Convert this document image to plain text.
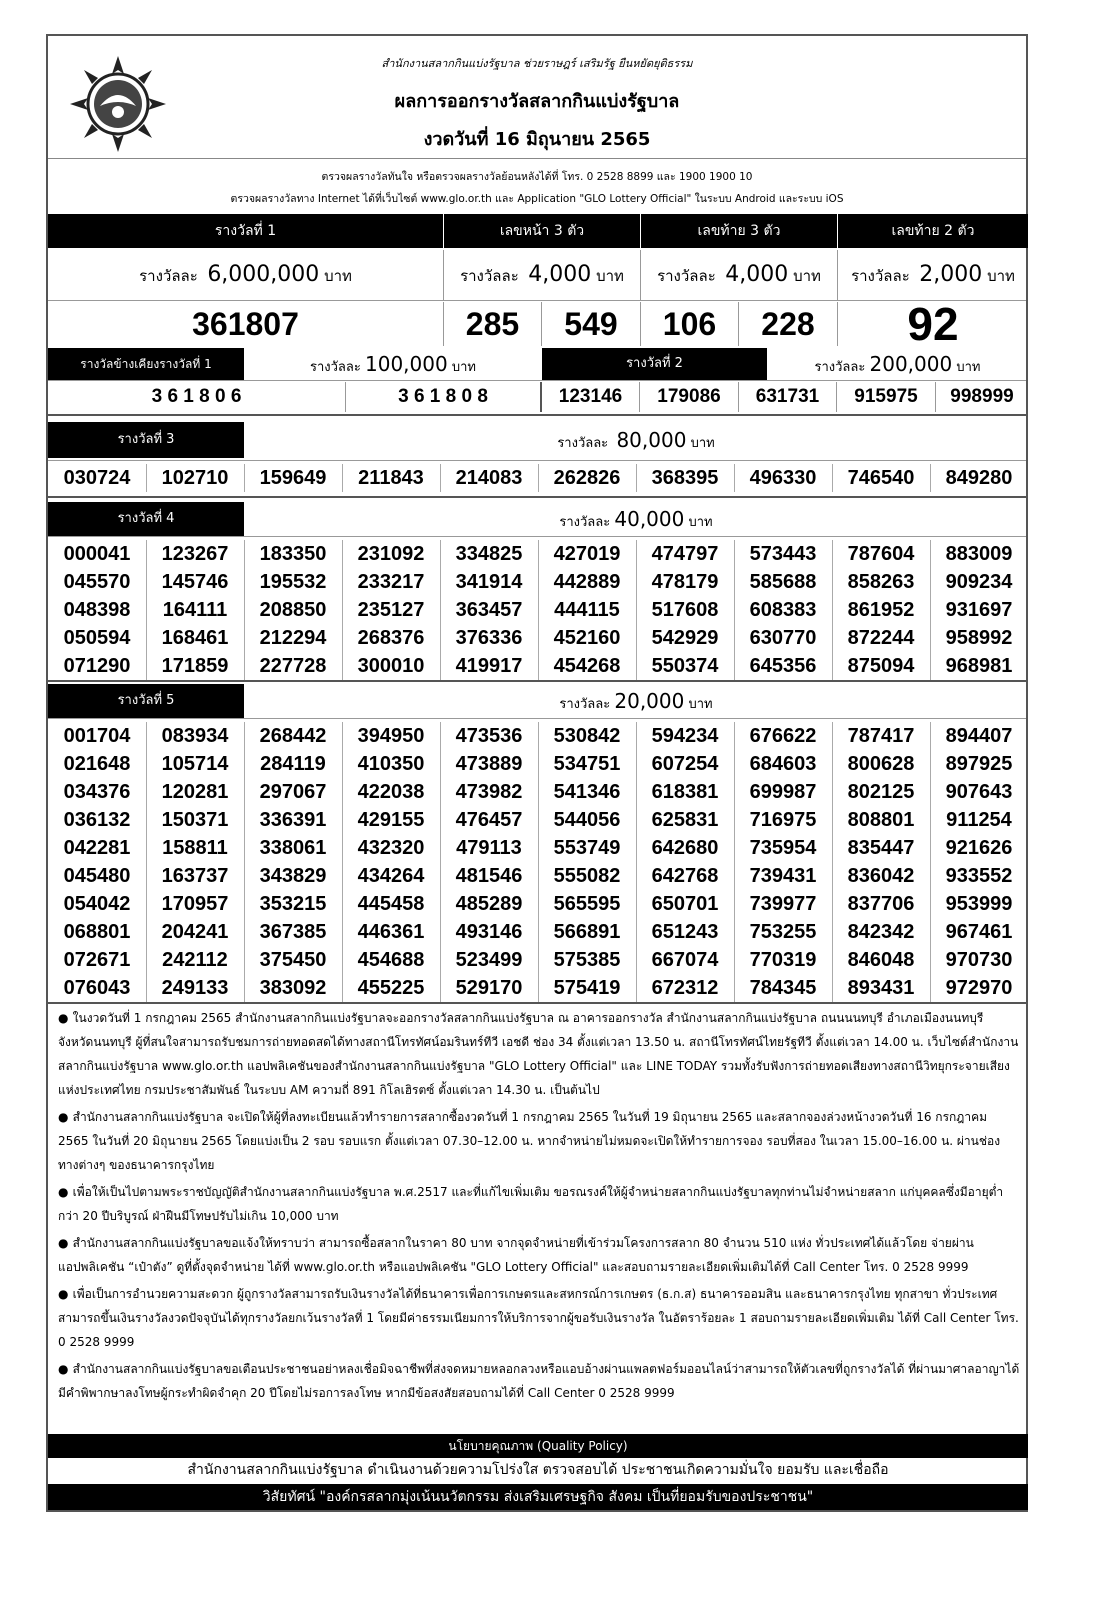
สำนักงานสลากกินแบ่งรัฐบาล ช่วยราษฎร์ เสริมรัฐ ยืนหยัดยุติธรรม
ผลการออกรางวัลสลากกินแบ่งรัฐบาล
งวดวันที่ 16 มิถุนายน 2565
ตรวจผลรางวัลทันใจ หรือตรวจผลรางวัลย้อนหลังได้ที่ โทร. 0 2528 8899 และ 1900 1900 10
ตรวจผลรางวัลทาง Internet ได้ที่เว็บไซต์ www.glo.or.th และ Application "GLO Lottery Official" ในระบบ Android และระบบ iOS
รางวัลที่ 1	เลขหน้า 3 ตัว	เลขท้าย 3 ตัว	เลขท้าย 2 ตัว
รางวัลละ 6,000,000 บาท	รางวัลละ 4,000 บาท	รางวัลละ 4,000 บาท	รางวัลละ 2,000 บาท
361807	285	549	106	228	92
รางวัลข้างเคียงรางวัลที่ 1	รางวัลละ 100,000 บาท	รางวัลที่ 2	รางวัลละ 200,000 บาท
3 6 1 8 0 6	3 6 1 8 0 8	123146	179086	631731	915975	998999
รางวัลที่ 3	รางวัลละ 80,000 บาท
030724	102710	159649	211843	214083	262826	368395	496330	746540	849280
รางวัลที่ 4	รางวัลละ 40,000 บาท
000041	123267	183350	231092	334825	427019	474797	573443	787604	883009
045570	145746	195532	233217	341914	442889	478179	585688	858263	909234
048398	164111	208850	235127	363457	444115	517608	608383	861952	931697
050594	168461	212294	268376	376336	452160	542929	630770	872244	958992
071290	171859	227728	300010	419917	454268	550374	645356	875094	968981
รางวัลที่ 5	รางวัลละ 20,000 บาท
001704	083934	268442	394950	473536	530842	594234	676622	787417	894407
021648	105714	284119	410350	473889	534751	607254	684603	800628	897925
034376	120281	297067	422038	473982	541346	618381	699987	802125	907643
036132	150371	336391	429155	476457	544056	625831	716975	808801	911254
042281	158811	338061	432320	479113	553749	642680	735954	835447	921626
045480	163737	343829	434264	481546	555082	642768	739431	836042	933552
054042	170957	353215	445458	485289	565595	650701	739977	837706	953999
068801	204241	367385	446361	493146	566891	651243	753255	842342	967461
072671	242112	375450	454688	523499	575385	667074	770319	846048	970730
076043	249133	383092	455225	529170	575419	672312	784345	893431	972970
● ในงวดวันที่ 1 กรกฎาคม 2565 สำนักงานสลากกินแบ่งรัฐบาลจะออกรางวัลสลากกินแบ่งรัฐบาล ณ อาคารออกรางวัล สำนักงานสลากกินแบ่งรัฐบาล ถนนนนทบุรี อำเภอเมืองนนทบุรี จังหวัดนนทบุรี ผู้ที่สนใจสามารถรับชมการถ่ายทอดสดได้ทางสถานีโทรทัศน์อมรินทร์ทีวี เอชดี ช่อง 34 ตั้งแต่เวลา 13.50 น. สถานีโทรทัศน์ไทยรัฐทีวี ตั้งแต่เวลา 14.00 น. เว็บไซต์สำนักงานสลากกินแบ่งรัฐบาล www.glo.or.th แอปพลิเคชันของสำนักงานสลากกินแบ่งรัฐบาล "GLO Lottery Official" และ LINE TODAY รวมทั้งรับฟังการถ่ายทอดเสียงทางสถานีวิทยุกระจายเสียงแห่งประเทศไทย กรมประชาสัมพันธ์ ในระบบ AM ความถี่ 891 กิโลเฮิรตซ์ ตั้งแต่เวลา 14.30 น. เป็นต้นไป
● สำนักงานสลากกินแบ่งรัฐบาล จะเปิดให้ผู้ที่ลงทะเบียนแล้วทำรายการสลากซื้องวดวันที่ 1 กรกฎาคม 2565 ในวันที่ 19 มิถุนายน 2565 และสลากจองล่วงหน้างวดวันที่ 16 กรกฎาคม 2565 ในวันที่ 20 มิถุนายน 2565 โดยแบ่งเป็น 2 รอบ รอบแรก ตั้งแต่เวลา 07.30–12.00 น. หากจำหน่ายไม่หมดจะเปิดให้ทำรายการจอง รอบที่สอง ในเวลา 15.00–16.00 น. ผ่านช่องทางต่างๆ ของธนาคารกรุงไทย
● เพื่อให้เป็นไปตามพระราชบัญญัติสำนักงานสลากกินแบ่งรัฐบาล พ.ศ.2517 และที่แก้ไขเพิ่มเติม ขอรณรงค์ให้ผู้จำหน่ายสลากกินแบ่งรัฐบาลทุกท่านไม่จำหน่ายสลาก แก่บุคคลซึ่งมีอายุต่ำกว่า 20 ปีบริบูรณ์ ฝ่าฝืนมีโทษปรับไม่เกิน 10,000 บาท
● สำนักงานสลากกินแบ่งรัฐบาลขอแจ้งให้ทราบว่า สามารถซื้อสลากในราคา 80 บาท จากจุดจำหน่ายที่เข้าร่วมโครงการสลาก 80 จำนวน 510 แห่ง ทั่วประเทศได้แล้วโดย จ่ายผ่านแอปพลิเคชัน “เป๋าตัง” ดูที่ตั้งจุดจำหน่าย ได้ที่ www.glo.or.th หรือแอปพลิเคชัน "GLO Lottery Official" และสอบถามรายละเอียดเพิ่มเติมได้ที่ Call Center โทร. 0 2528 9999
● เพื่อเป็นการอำนวยความสะดวก ผู้ถูกรางวัลสามารถรับเงินรางวัลได้ที่ธนาคารเพื่อการเกษตรและสหกรณ์การเกษตร (ธ.ก.ส) ธนาคารออมสิน และธนาคารกรุงไทย ทุกสาขา ทั่วประเทศ สามารถขึ้นเงินรางวัลงวดปัจจุบันได้ทุกรางวัลยกเว้นรางวัลที่ 1 โดยมีค่าธรรมเนียมการให้บริการจากผู้ขอรับเงินรางวัล ในอัตราร้อยละ 1 สอบถามรายละเอียดเพิ่มเติม ได้ที่ Call Center โทร. 0 2528 9999
● สำนักงานสลากกินแบ่งรัฐบาลขอเตือนประชาชนอย่าหลงเชื่อมิจฉาชีพที่ส่งจดหมายหลอกลวงหรือแอบอ้างผ่านแพลตฟอร์มออนไลน์ว่าสามารถให้ตัวเลขที่ถูกรางวัลได้ ที่ผ่านมาศาลอาญาได้มีคำพิพากษาลงโทษผู้กระทำผิดจำคุก 20 ปีโดยไม่รอการลงโทษ หากมีข้อสงสัยสอบถามได้ที่ Call Center 0 2528 9999
นโยบายคุณภาพ (Quality Policy)
สำนักงานสลากกินแบ่งรัฐบาล ดำเนินงานด้วยความโปร่งใส ตรวจสอบได้ ประชาชนเกิดความมั่นใจ ยอมรับ และเชื่อถือ
วิสัยทัศน์ "องค์กรสลากมุ่งเน้นนวัตกรรม ส่งเสริมเศรษฐกิจ สังคม เป็นที่ยอมรับของประชาชน"
